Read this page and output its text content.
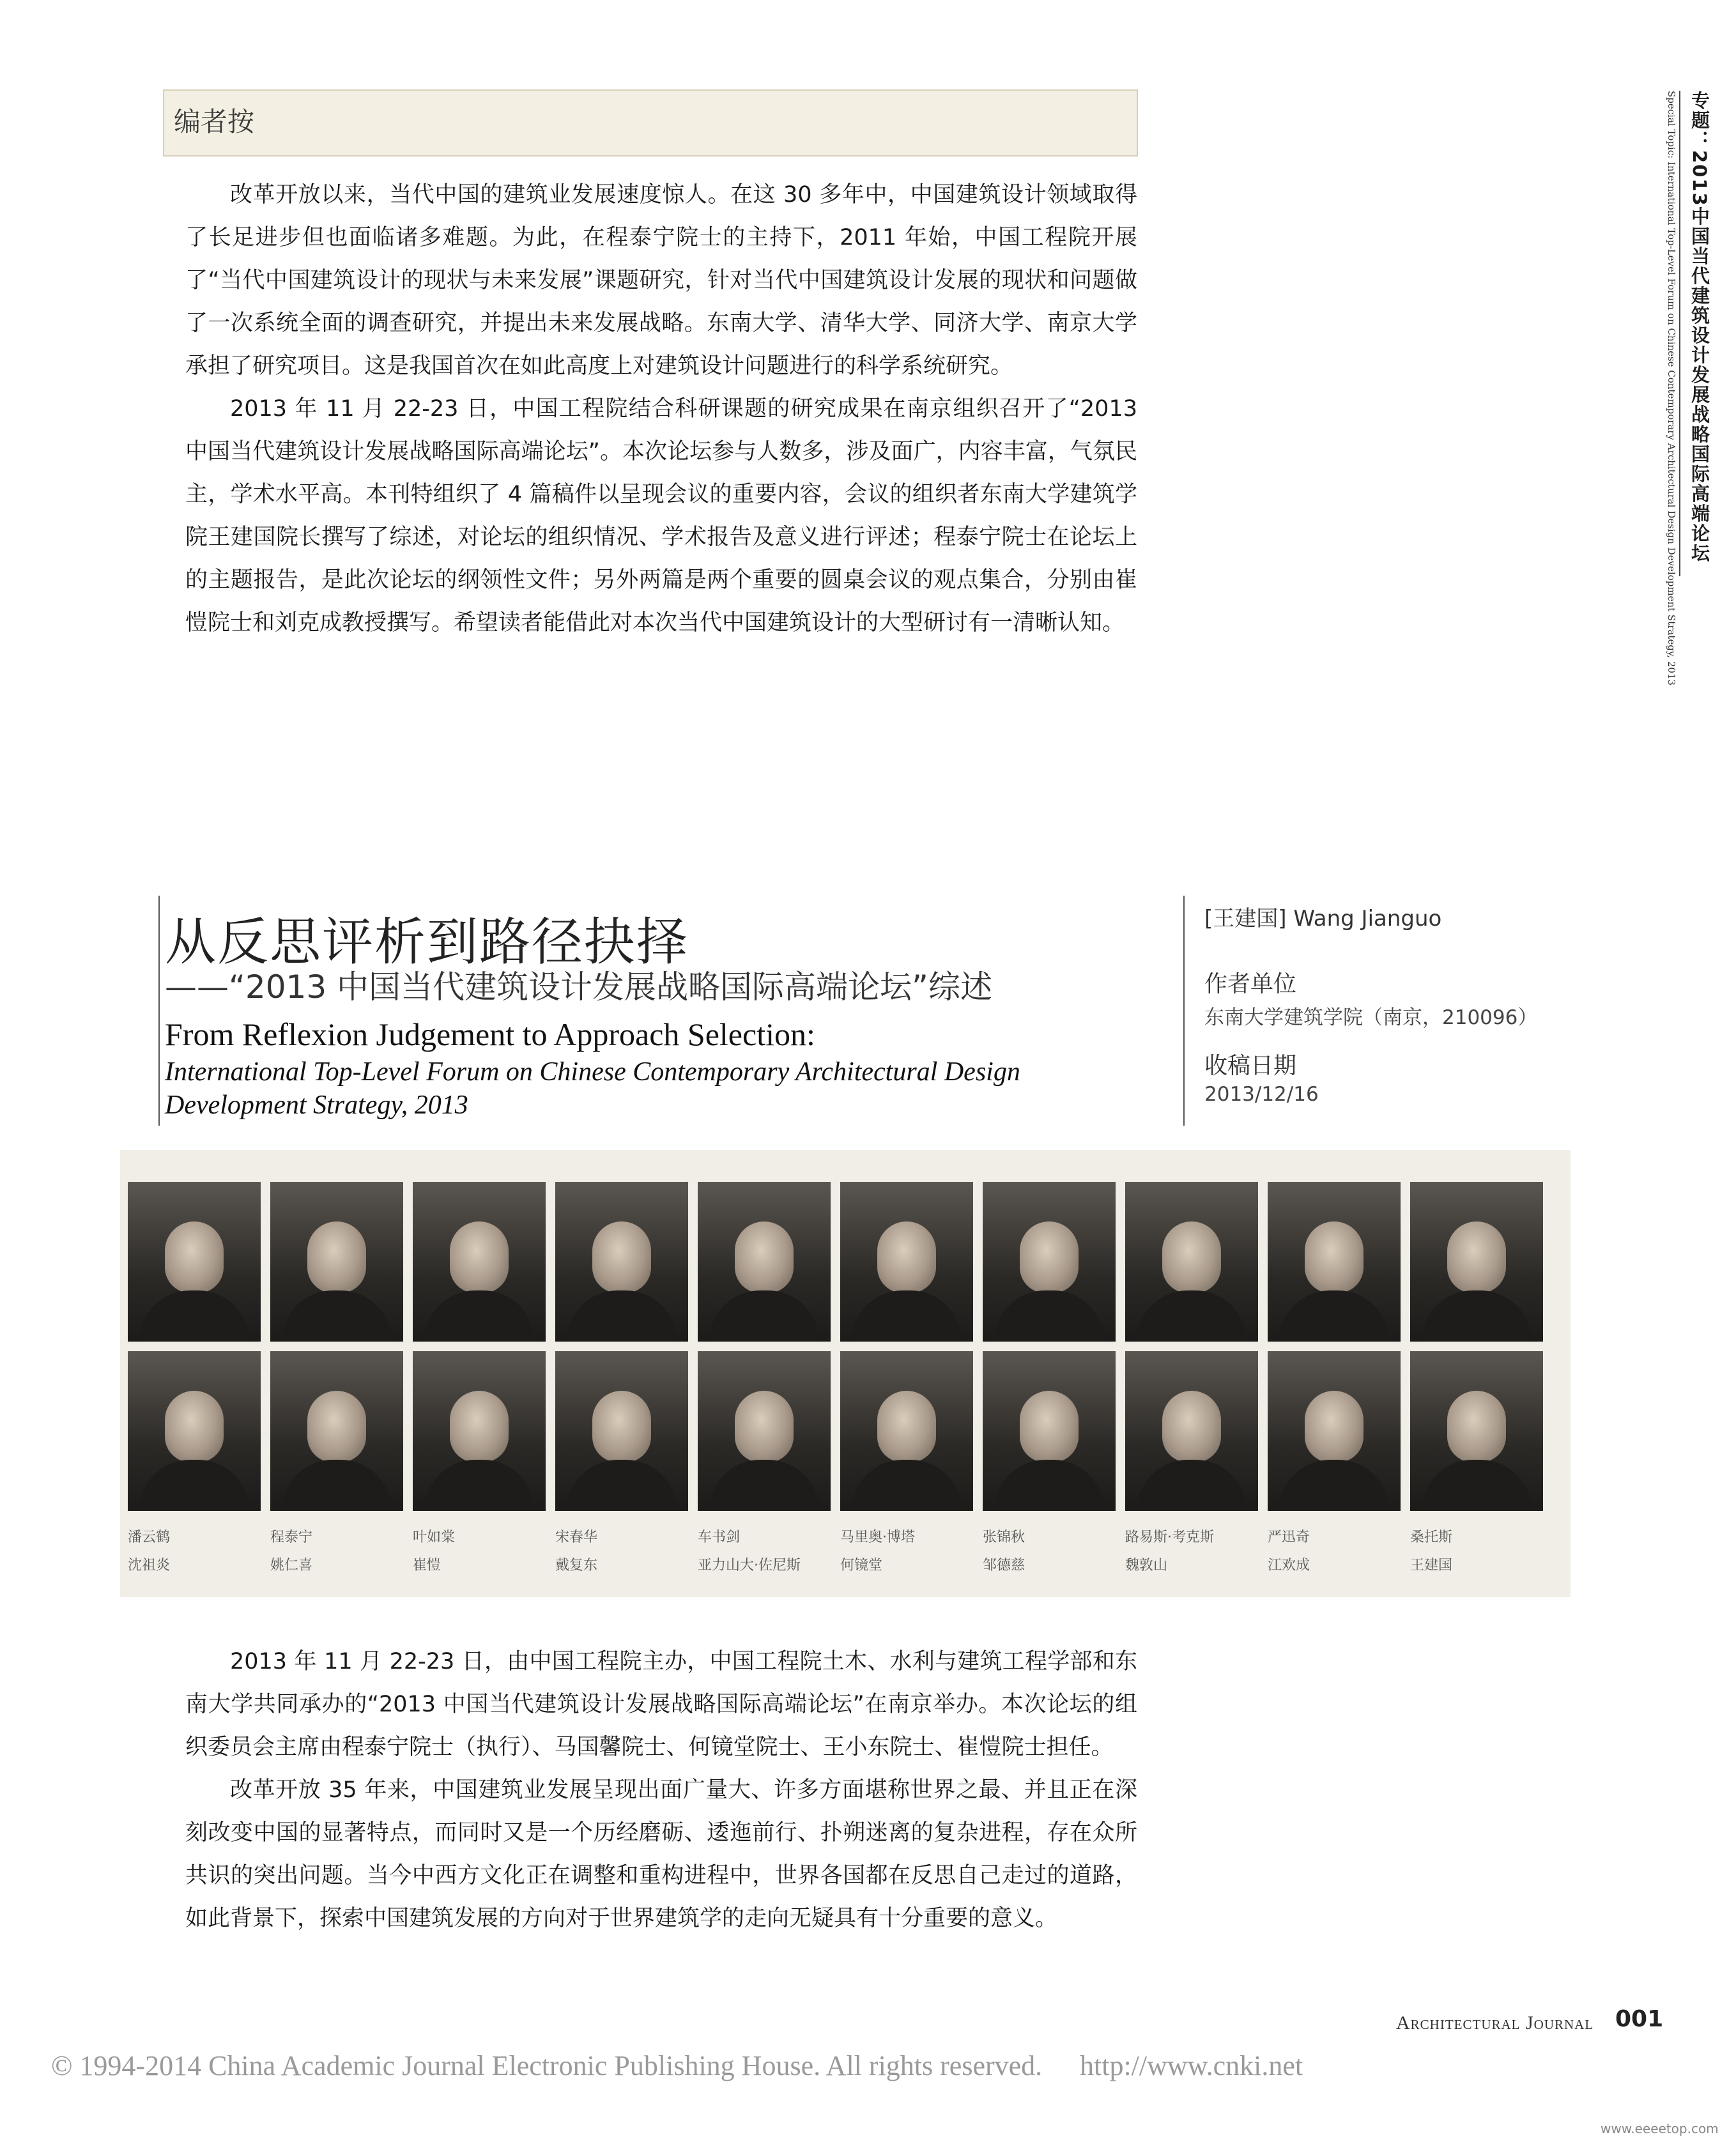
编者按

改革开放以来，当代中国的建筑业发展速度惊人。在这 30 多年中，中国建筑设计领域取得了长足进步但也面临诸多难题。为此，在程泰宁院士的主持下，2011 年始，中国工程院开展了“当代中国建筑设计的现状与未来发展”课题研究，针对当代中国建筑设计发展的现状和问题做了一次系统全面的调查研究，并提出未来发展战略。东南大学、清华大学、同济大学、南京大学承担了研究项目。这是我国首次在如此高度上对建筑设计问题进行的科学系统研究。

2013 年 11 月 22-23 日，中国工程院结合科研课题的研究成果在南京组织召开了“2013 中国当代建筑设计发展战略国际高端论坛”。本次论坛参与人数多，涉及面广，内容丰富，气氛民主，学术水平高。本刊特组织了 4 篇稿件以呈现会议的重要内容，会议的组织者东南大学建筑学院王建国院长撰写了综述，对论坛的组织情况、学术报告及意义进行评述；程泰宁院士在论坛上的主题报告，是此次论坛的纲领性文件；另外两篇是两个重要的圆桌会议的观点集合，分别由崔愷院士和刘克成教授撰写。希望读者能借此对本次当代中国建筑设计的大型研讨有一清晰认知。

专题：2013中国当代建筑设计发展战略国际高端论坛
Special Topic: International Top-Level Forum on Chinese Contemporary Architectural Design Development Strategy, 2013
从反思评析到路径抉择
——“2013 中国当代建筑设计发展战略国际高端论坛”综述
From Reflexion Judgement to Approach Selection:
International Top-Level Forum on Chinese Contemporary Architectural Design Development Strategy, 2013
[王建国] Wang Jianguo
作者单位
东南大学建筑学院（南京，210096）
收稿日期
2013/12/16
潘云鹤
沈祖炎
程泰宁
姚仁喜
叶如棠
崔愷
宋春华
戴复东
车书剑
亚力山大·佐尼斯
马里奥·博塔
何镜堂
张锦秋
邹德慈
路易斯·考克斯
魏敦山
严迅奇
江欢成
桑托斯
王建国

2013 年 11 月 22-23 日，由中国工程院主办，中国工程院土木、水利与建筑工程学部和东南大学共同承办的“2013 中国当代建筑设计发展战略国际高端论坛”在南京举办。本次论坛的组织委员会主席由程泰宁院士（执行）、马国馨院士、何镜堂院士、王小东院士、崔愷院士担任。

改革开放 35 年来，中国建筑业发展呈现出面广量大、许多方面堪称世界之最、并且正在深刻改变中国的显著特点，而同时又是一个历经磨砺、逶迤前行、扑朔迷离的复杂进程，存在众所共识的突出问题。当今中西方文化正在调整和重构进程中，世界各国都在反思自己走过的道路，如此背景下，探索中国建筑发展的方向对于世界建筑学的走向无疑具有十分重要的意义。

Architectural Journal 001
© 1994-2014 China Academic Journal Electronic Publishing House. All rights reserved. http://www.cnki.net
www.eeeetop.com
